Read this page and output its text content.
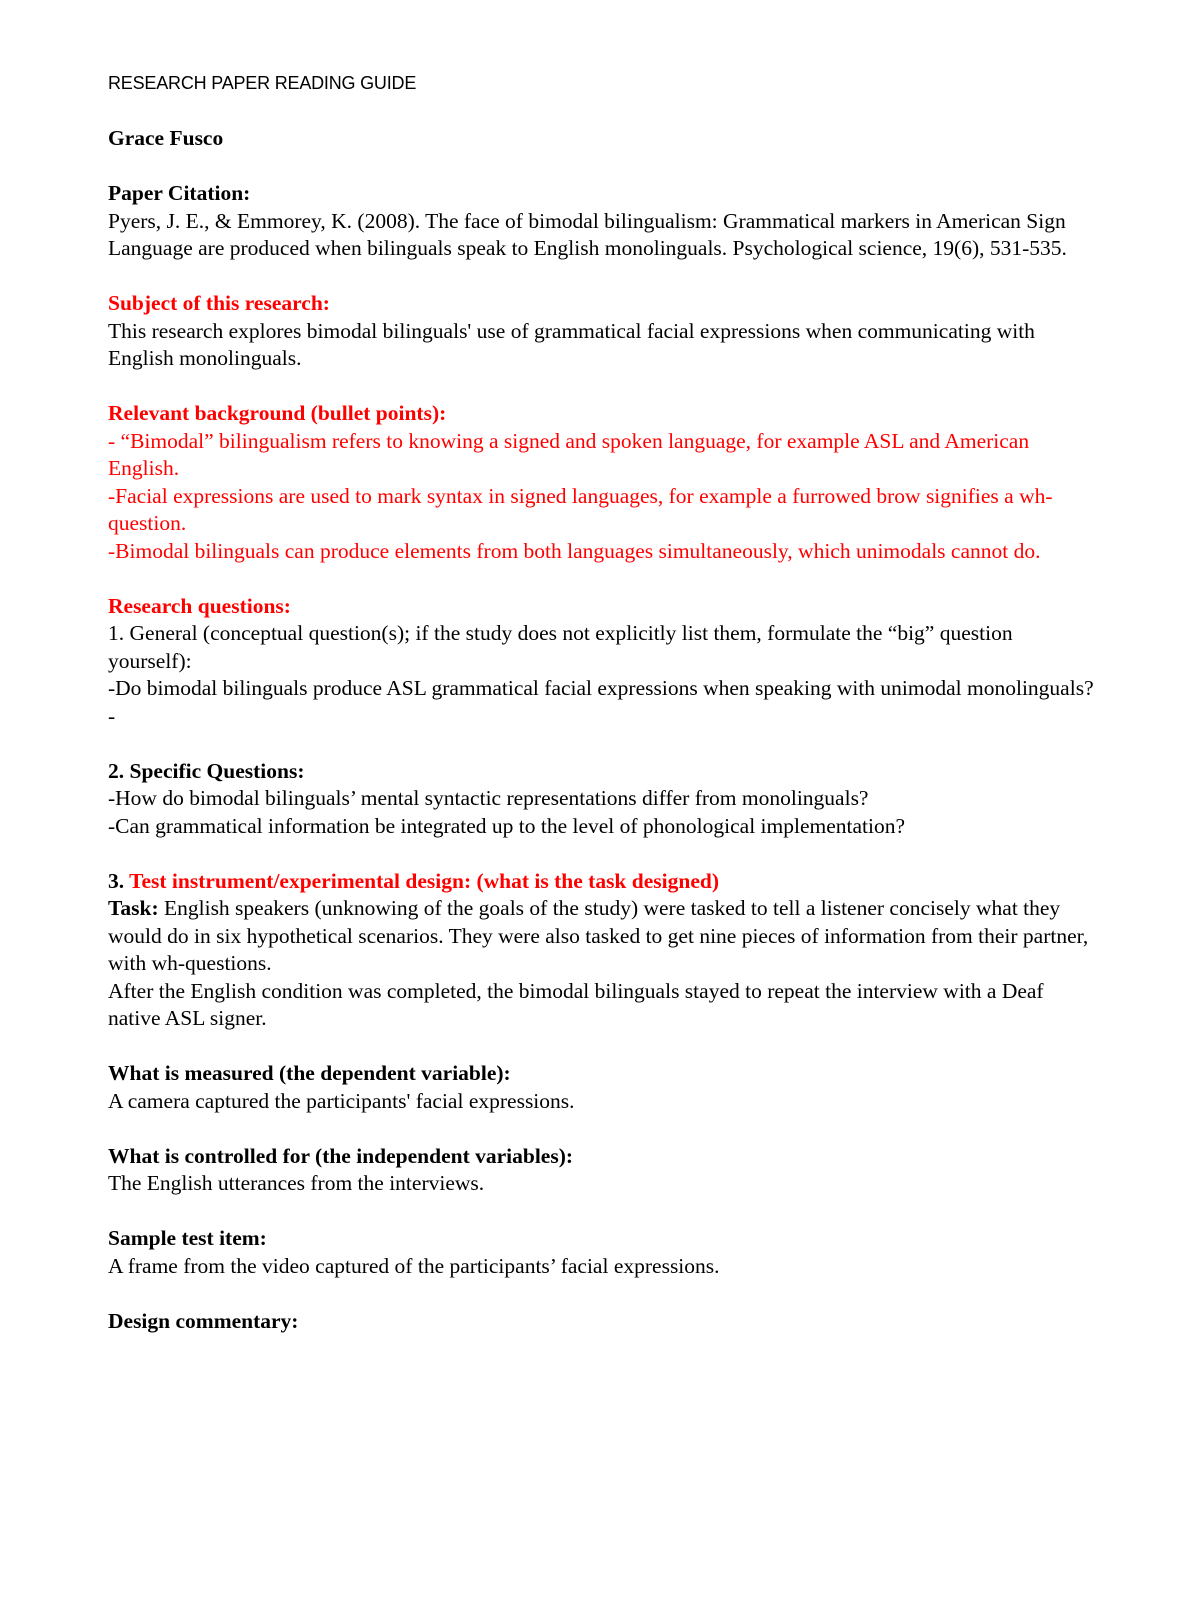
RESEARCH PAPER READING GUIDE

Grace Fusco

Paper Citation:

Pyers, J. E., & Emmorey, K. (2008). The face of bimodal bilingualism: Grammatical markers in American Sign Language are produced when bilinguals speak to English monolinguals. Psychological science, 19(6), 531-535.

Subject of this research:

This research explores bimodal bilinguals' use of grammatical facial expressions when communicating with English monolinguals.

Relevant background (bullet points):

- “Bimodal” bilingualism refers to knowing a signed and spoken language, for example ASL and American English.

-Facial expressions are used to mark syntax in signed languages, for example a furrowed brow signifies a wh-question.

-Bimodal bilinguals can produce elements from both languages simultaneously, which unimodals cannot do.

Research questions:

1. General (conceptual question(s); if the study does not explicitly list them, formulate the “big” question yourself):

-Do bimodal bilinguals produce ASL grammatical facial expressions when speaking with unimodal monolinguals?

-

2. Specific Questions:

-How do bimodal bilinguals’ mental syntactic representations differ from monolinguals?

-Can grammatical information be integrated up to the level of phonological implementation?

3. Test instrument/experimental design: (what is the task designed)

Task: English speakers (unknowing of the goals of the study) were tasked to tell a listener concisely what they would do in six hypothetical scenarios. They were also tasked to get nine pieces of information from their partner, with wh-questions.

After the English condition was completed, the bimodal bilinguals stayed to repeat the interview with a Deaf native ASL signer.

What is measured (the dependent variable):

A camera captured the participants' facial expressions.

What is controlled for (the independent variables):

The English utterances from the interviews.

Sample test item:

A frame from the video captured of the participants’ facial expressions.

Design commentary:
